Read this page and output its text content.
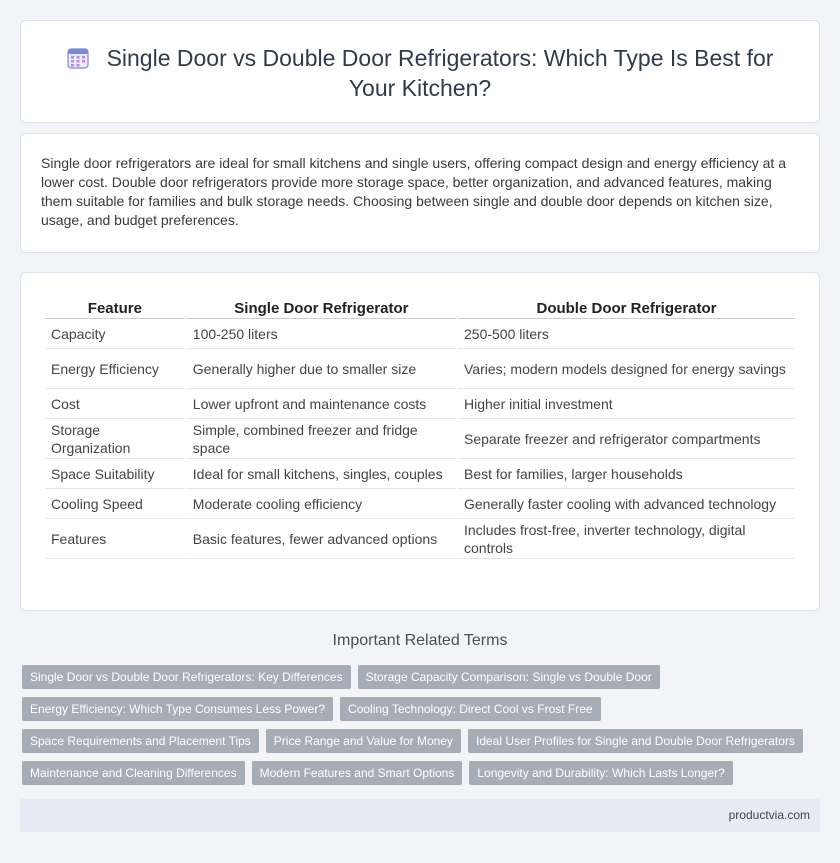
Single Door vs Double Door Refrigerators: Which Type Is Best for Your Kitchen?

Single door refrigerators are ideal for small kitchens and single users, offering compact design and energy efficiency at a lower cost. Double door refrigerators provide more storage space, better organization, and advanced features, making them suitable for families and bulk storage needs. Choosing between single and double door depends on kitchen size, usage, and budget preferences.

Feature	Single Door Refrigerator	Double Door Refrigerator
Capacity	100-250 liters	250-500 liters
Energy Efficiency	Generally higher due to smaller size	Varies; modern models designed for energy savings
Cost	Lower upfront and maintenance costs	Higher initial investment
Storage Organization	Simple, combined freezer and fridge space	Separate freezer and refrigerator compartments
Space Suitability	Ideal for small kitchens, singles, couples	Best for families, larger households
Cooling Speed	Moderate cooling efficiency	Generally faster cooling with advanced technology
Features	Basic features, fewer advanced options	Includes frost-free, inverter technology, digital controls
Important Related Terms
Single Door vs Double Door Refrigerators: Key Differences	Storage Capacity Comparison: Single vs Double Door
Energy Efficiency: Which Type Consumes Less Power?	Cooling Technology: Direct Cool vs Frost Free
Space Requirements and Placement Tips	Price Range and Value for Money	Ideal User Profiles for Single and Double Door Refrigerators
Maintenance and Cleaning Differences	Modern Features and Smart Options	Longevity and Durability: Which Lasts Longer?
productvia.com
